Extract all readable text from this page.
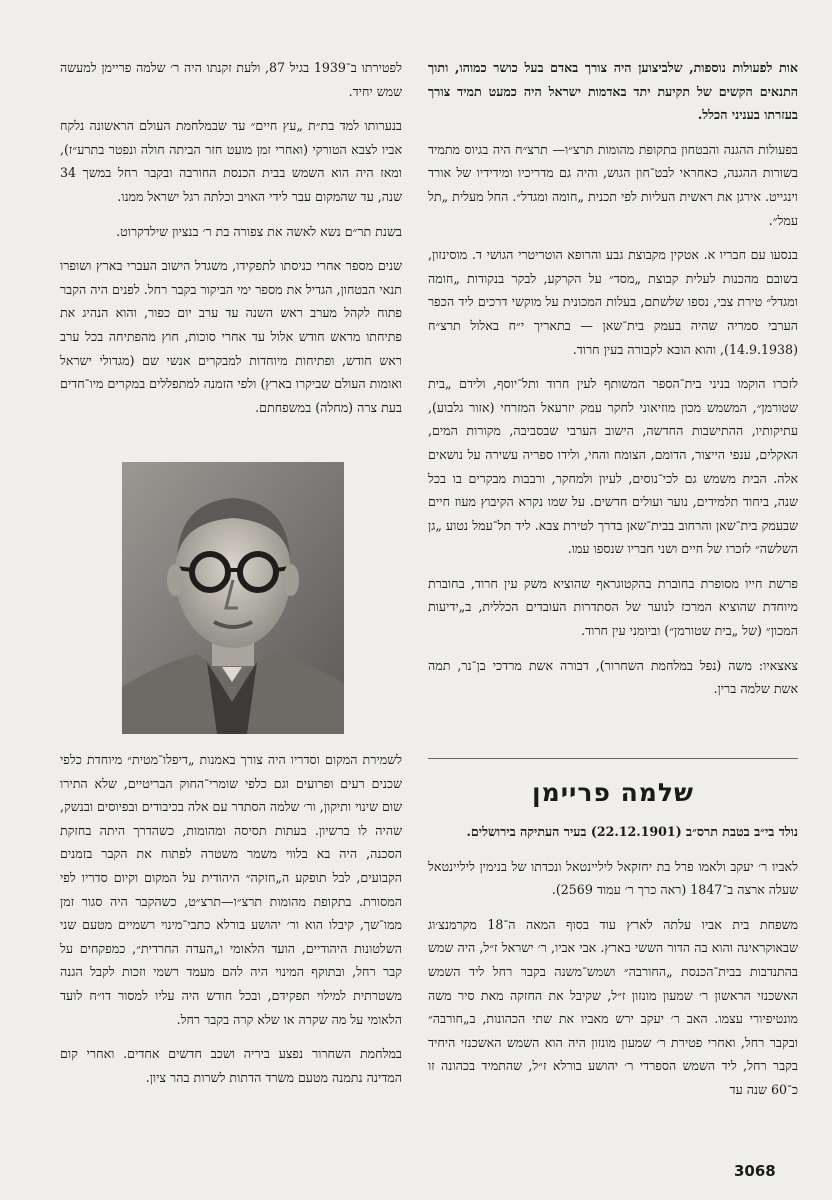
אות לפעולות נוספות, שלביצוען היה צורך באדם בעל כושר כמוהו, ותוך התנאים הקשים של תקיעת יתד באדמות ישראל היה כמעט תמיד צורך בעזרתו בעניני הכלל.

בפעולות ההגנה והבטחון בתקופת מהומות תרצ״ו— תרצ״ח היה בגיוס מתמיד בשורות ההגנה, כאחראי לבט־חון הגוש, והיה גם מדריכיו ומידידיו של אורד וינגייט. אירגן את ראשית העליות לפי תכנית „חומה ומגדל״. החל מעלית „תל עמל״.

בנסעו עם חבריו א. אטקין מקבוצת גבע והרופא הוטריטרי הגושי ד. מוסינזון, בשובם מהכנות לעלית קבוצת „מסד״ על הקרקע, לבקר בנקודות „חומה ומגדל״ טירת צבי, נספו שלשתם, בעלות המכונית על מוקשי דרכים ליד הכפר הערבי סמריה שהיה בעמק בית־שאן — בתאריך י״ח באלול תרצ״ח (14.9.1938), והוא הובא לקבורה בעין חרוד.

לזכרו הוקמו בניני בית־הספר המשותף לעין חרוד ותל־יוסף, ולידם „בית שטורמן״, המשמש מכון מוזיאוני לחקר עמק יזרעאל המזרחי (אזור גלבוע), עתיקותיו, ההתישבות החדשה, הישוב הערבי שבסביבה, מקורות המים, האקלים, ענפי הייצור, הדומם, הצומח והחי, ולידו ספריה עשירה על נושאים אלה. הבית משמש גם לכי־נוסים, לעיון ולמחקר, ורבבות מבקרים בו בכל שנה, ביחוד תלמידים, נוער ועולים חדשים. על שמו נקרא הקיבוץ מעוז חיים שבעמק בית־שאן והרחוב בבית־שאן בדרך לטירת צבא. ליד תל־עמל נטוע „גן השלשה״ לזכרו של חיים ושני חבריו שנספו עמו.

פרשת חייו מסופרת בחוברת בהקטוגראף שהוציא משק עין חרוד, בחוברת מיוחדת שהוציא המרכז לנוער של הסתדרות העובדים הכללית, ב„ידיעות המכון״ (של „בית שטורמן״) וביומני עין חרוד.

צאצאיו: משה (נפל במלחמת השחרור), דבורה אשת מרדכי בן־נר, תמה אשת שלמה ברין.

שלמה פריימן

נולד בי״ב בטבת תרס״ב (22.12.1901) בעיר העתיקה בירושלים.

לאביו ר׳ יעקב ולאמו פרל בת יחזקאל ליליינטאל ונכדתו של בנימין ליליינטאל שעלה ארצה ב־1847 (ראה כרך ר׳ עמוד 2569).

משפחת בית אביו עלתה לארץ עוד בסוף המאה ה־18 מקרמנצ׳וג שבאוקראינה והוא בה הדור הששי בארץ. אבי אביו, ר׳ ישראל ז״ל, היה שמש בהתנדבות בבית־הכנסת „החורבה״ ושמש־משנה בקבר רחל ליד השמש האשכנזי הראשון ר׳ שמעון מונזון ז״ל, שקיבל את החזקה מאת סיר משה מונטיפיורי עצמו. האב ר׳ יעקב ירש מאביו את שתי הכהונות, ב„חורבה״ ובקבר רחל, ואחרי פטירת ר׳ שמעון מונזון היה הוא השמש האשכנזי היחיד בקבר רחל, ליד השמש הספרדי ר׳ יהושע בורלא ז״ל, שהתמיד בכהונה זו כ־60 שנה עד

לפטירתו ב־1939 בגיל 87, ולעת זקנתו היה ר׳ שלמה פריימן למעשה שמש יחיד.

בנערותו למד בת״ת „עץ חיים״ עד שבמלחמת העולם הראשונה נלקח אביו לצבא הטורקי (ואחרי זמן מועט חזר הביתה חולה ונפטר בתרע״ז), ומאז היה הוא השמש בבית הכנסת החורבה ובקבר רחל במשך 34 שנה, עד שהמקום עבר לידי האויב וכלתה רגל ישראל ממנו.

בשנת תר״ם נשא לאשה את צפורה בת ר׳ בנציון שילדקרוט.

שנים מספר אחרי כניסתו לתפקידו, משגדל הישוב העברי בארץ ושופרו תנאי הבטחון, הגדיל את מספר ימי הביקור בקבר רחל. לפנים היה הקבר פתוח לקהל מערב ראש השנה עד ערב יום כפור, והוא הנהיג את פתיחתו מראש חודש אלול עד אחרי סוכות, חוץ מהפתיחה בכל ערב ראש חודש, ופתיחות מיוחדות למבקרים אנשי שם (מגדולי ישראל ואומות העולם שביקרו בארץ) ולפי הזמנה למתפללים במקרים מיו־חדים בעת צרה (מחלה) במשפחתם.

לשמירת המקום וסדריו היה צורך באמנות „דיפלו־מטית״ מיוחדת כלפי שכנים רעים ופרועים וגם כלפי שומרי־החוק הבריטיים, שלא התירו שום שינוי ותיקון, ור׳ שלמה הסתדר עם אלה בכיבודים ובפיוסים ובנשק, שהיה לו ברשיון. בעתות תסיסה ומהומות, כשהדרך היתה בחזקת הסכנה, היה בא בלווי משמר משטרה לפתוח את הקבר בזמנים הקבועים, לבל תופקע ה„חזקה״ היהודית על המקום וקיום סדריו לפי המסורת. בתקופת מהומות תרצ״ו—תרצ״ט, כשהקבר היה סגור זמן ממו־שך, קיבלו הוא ור׳ יהושע בורלא כתבי־מינוי רשמיים מטעם שני השלטונות היהודיים, הועד הלאומי ו„העדה החרדית״, כמפקחים על קבר רחל, ובתוקף המינוי היה להם מעמד רשמי וזכות לקבל הגנה משטרתית למילוי תפקידם, ובכל חודש היה עליו למסור דו״ח לועד הלאומי על מה שקרה או שלא קרה בקבר רחל.

במלחמת השחרור נפצע ביריה ושכב חדשים אחדים. ואחרי קום המדינה נתמנה מטעם משרד הדתות לשרות בהר ציון.

3068
